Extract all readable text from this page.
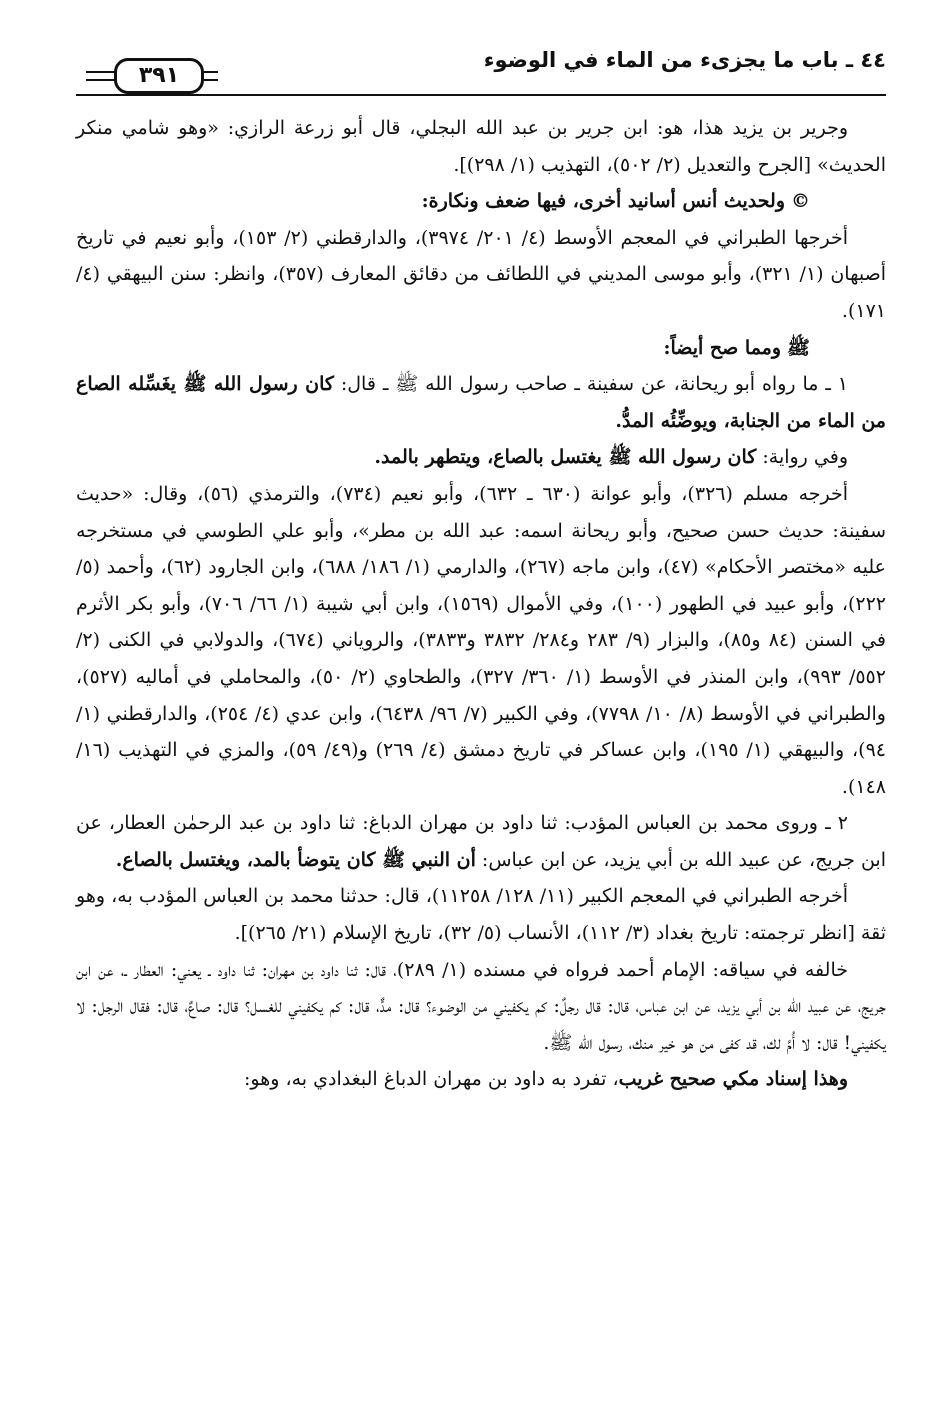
٤٤ ـ باب ما يجزىء من الماء في الوضوء
٣٩١

وجرير بن يزيد هذا، هو: ابن جرير بن عبد الله البجلي، قال أبو زرعة الرازي: «وهو شامي منكر الحديث» [الجرح والتعديل (٢/ ٥٠٢)، التهذيب (١/ ٢٩٨)].

©ولحديث أنس أسانيد أخرى، فيها ضعف ونكارة:

أخرجها الطبراني في المعجم الأوسط (٤/ ٢٠١/ ٣٩٧٤)، والدارقطني (٢/ ١٥٣)، وأبو نعيم في تاريخ أصبهان (١/ ٣٢١)، وأبو موسى المديني في اللطائف من دقائق المعارف (٣٥٧)، وانظر: سنن البيهقي (٤/ ١٧١).

ﷺومما صح أيضاً:

١ ـ ما رواه أبو ريحانة، عن سفينة ـ صاحب رسول الله ﷺ ـ قال: كان رسول الله ﷺ يغَسِّله الصاع من الماء من الجنابة، ويوضِّئُه المدُّ.

وفي رواية: كان رسول الله ﷺ يغتسل بالصاع، ويتطهر بالمد.

أخرجه مسلم (٣٢٦)، وأبو عوانة (٦٣٠ ـ ٦٣٢)، وأبو نعيم (٧٣٤)، والترمذي (٥٦)، وقال: «حديث سفينة: حديث حسن صحيح، وأبو ريحانة اسمه: عبد الله بن مطر»، وأبو علي الطوسي في مستخرجه عليه «مختصر الأحكام» (٤٧)، وابن ماجه (٢٦٧)، والدارمي (١/ ١٨٦/ ٦٨٨)، وابن الجارود (٦٢)، وأحمد (٥/ ٢٢٢)، وأبو عبيد في الطهور (١٠٠)، وفي الأموال (١٥٦٩)، وابن أبي شيبة (١/ ٦٦/ ٧٠٦)، وأبو بكر الأثرم في السنن (٨٤ و٨٥)، والبزار (٩/ ٢٨٣ و٢٨٤/ ٣٨٣٢ و٣٨٣٣)، والروياني (٦٧٤)، والدولابي في الكنى (٢/ ٥٥٢/ ٩٩٣)، وابن المنذر في الأوسط (١/ ٣٦٠/ ٣٢٧)، والطحاوي (٢/ ٥٠)، والمحاملي في أماليه (٥٢٧)، والطبراني في الأوسط (٨/ ١٠/ ٧٧٩٨)، وفي الكبير (٧/ ٩٦/ ٦٤٣٨)، وابن عدي (٤/ ٢٥٤)، والدارقطني (١/ ٩٤)، والبيهقي (١/ ١٩٥)، وابن عساكر في تاريخ دمشق (٤/ ٢٦٩) و(٤٩/ ٥٩)، والمزي في التهذيب (١٦/ ١٤٨).

٢ ـ وروى محمد بن العباس المؤدب: ثنا داود بن مهران الدباغ: ثنا داود بن عبد الرحمٰن العطار، عن ابن جريج، عن عبيد الله بن أبي يزيد، عن ابن عباس: أن النبي ﷺ كان يتوضأ بالمد، ويغتسل بالصاع.

أخرجه الطبراني في المعجم الكبير (١١/ ١٢٨/ ١١٢٥٨)، قال: حدثنا محمد بن العباس المؤدب به، وهو ثقة [انظر ترجمته: تاريخ بغداد (٣/ ١١٢)، الأنساب (٥/ ٣٢)، تاريخ الإسلام (٢١/ ٢٦٥)].

خالفه في سياقه: الإمام أحمد فرواه في مسنده (١/ ٢٨٩)، قال: ثنا داود بن مهران: ثنا داود ـ يعني: العطار ـ، عن ابن جريج، عن عبيد الله بن أبي يزيد، عن ابن عباس، قال: قال رجلٌ: كم يكفيني من الوضوء؟ قال: مدٌّ، قال: كم يكفيني للغسل؟ قال: صاعٌ، قال: فقال الرجل: لا يكفيني! قال: لا أُمَّ لك، قد كفى من هو خير منك، رسول الله ﷺ.

وهذا إسناد مكي صحيح غريب، تفرد به داود بن مهران الدباغ البغدادي به، وهو:
